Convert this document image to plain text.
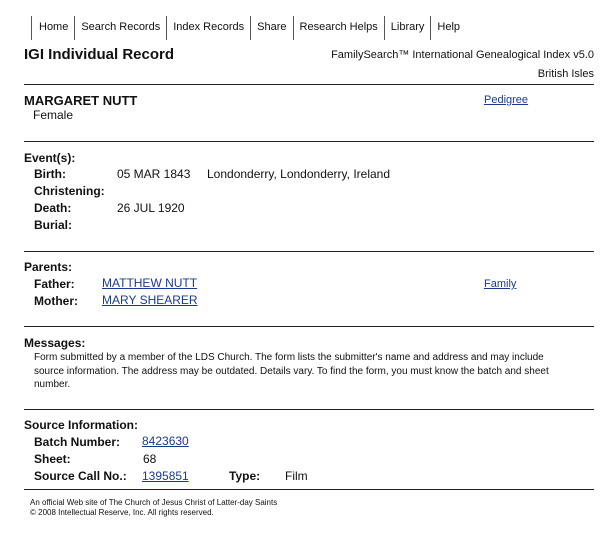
Home	Search Records	Index Records	Share	Research Helps	Library	Help
IGI Individual Record	FamilySearch™ International Genealogical Index v5.0
British Isles
MARGARET NUTT
Female
Pedigree
Event(s):
Birth:	05 MAR 1843 Londonderry, Londonderry, Ireland
Christening:
Death:	26 JUL 1920
Burial:
Parents:
Father: MATTHEW NUTT	Family
Mother: MARY SHEARER
Messages:
Form submitted by a member of the LDS Church. The form lists the submitter's name and address and may include source information. The address may be outdated. Details vary. To find the form, you must know the batch and sheet number.
Source Information:
Batch Number: 8423630
Sheet:	68
Source Call No.: 1395851	Type: Film
An official Web site of The Church of Jesus Christ of Latter-day Saints
© 2008 Intellectual Reserve, Inc. All rights reserved.
